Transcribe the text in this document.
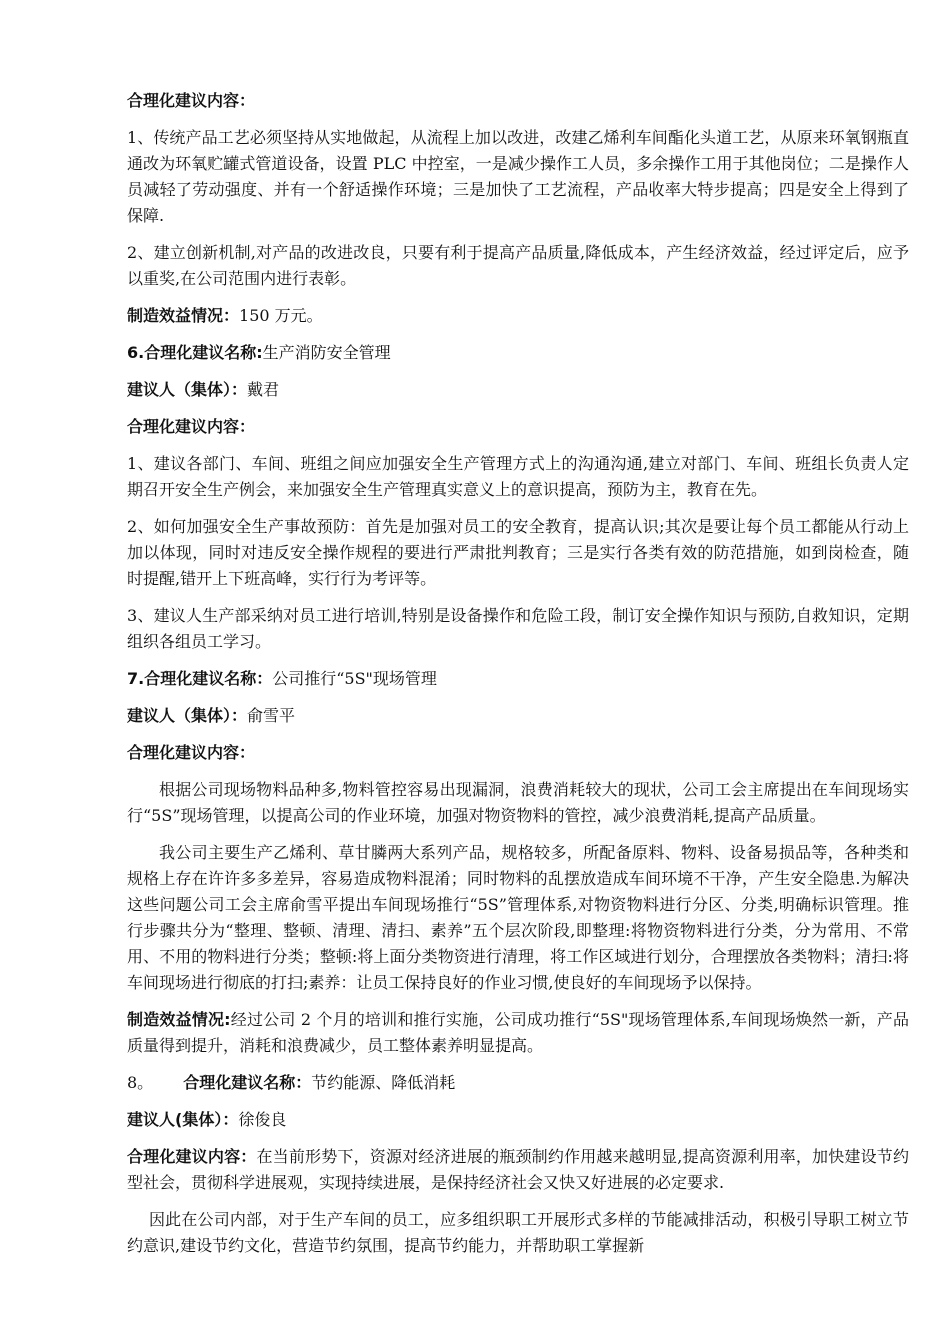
合理化建议内容：

1、传统产品工艺必须坚持从实地做起，从流程上加以改进，改建乙烯利车间酯化头道工艺，从原来环氧钢瓶直通改为环氧贮罐式管道设备，设置 PLC 中控室，一是减少操作工人员，多余操作工用于其他岗位；二是操作人员减轻了劳动强度、并有一个舒适操作环境；三是加快了工艺流程，产品收率大特步提高；四是安全上得到了保障.

2、建立创新机制,对产品的改进改良，只要有利于提高产品质量,降低成本，产生经济效益，经过评定后，应予以重奖,在公司范围内进行表彰。

制造效益情况：150 万元。

6.合理化建议名称:生产消防安全管理

建议人（集体）：戴君

合理化建议内容：

1、建议各部门、车间、班组之间应加强安全生产管理方式上的沟通沟通,建立对部门、车间、班组长负责人定期召开安全生产例会，来加强安全生产管理真实意义上的意识提高，预防为主，教育在先。

2、如何加强安全生产事故预防：首先是加强对员工的安全教育，提高认识;其次是要让每个员工都能从行动上加以体现，同时对违反安全操作规程的要进行严肃批判教育；三是实行各类有效的防范措施，如到岗检查，随时提醒,错开上下班高峰，实行行为考评等。

3、建议人生产部采纳对员工进行培训,特别是设备操作和危险工段，制订安全操作知识与预防,自救知识，定期组织各组员工学习。

7.合理化建议名称：公司推行“5S"现场管理

建议人（集体）：俞雪平

合理化建议内容：

根据公司现场物料品种多,物料管控容易出现漏洞，浪费消耗较大的现状，公司工会主席提出在车间现场实行“5S”现场管理，以提高公司的作业环境，加强对物资物料的管控，减少浪费消耗,提高产品质量。

我公司主要生产乙烯利、草甘膦两大系列产品，规格较多，所配备原料、物料、设备易损品等，各种类和规格上存在许许多多差异，容易造成物料混淆；同时物料的乱摆放造成车间环境不干净，产生安全隐患.为解决这些问题公司工会主席俞雪平提出车间现场推行“5S”管理体系,对物资物料进行分区、分类,明确标识管理。推行步骤共分为“整理、整顿、清理、清扫、素养”五个层次阶段,即整理:将物资物料进行分类，分为常用、不常用、不用的物料进行分类；整顿:将上面分类物资进行清理，将工作区域进行划分，合理摆放各类物料；清扫:将车间现场进行彻底的打扫;素养：让员工保持良好的作业习惯,使良好的车间现场予以保持。

制造效益情况:经过公司 2 个月的培训和推行实施，公司成功推行“5S"现场管理体系,车间现场焕然一新，产品质量得到提升，消耗和浪费减少，员工整体素养明显提高。

8。 合理化建议名称：节约能源、降低消耗

建议人(集体）：徐俊良

合理化建议内容：在当前形势下，资源对经济进展的瓶颈制约作用越来越明显,提高资源利用率，加快建设节约型社会，贯彻科学进展观，实现持续进展，是保持经济社会又快又好进展的必定要求.

因此在公司内部，对于生产车间的员工，应多组织职工开展形式多样的节能减排活动，积极引导职工树立节约意识,建设节约文化，营造节约氛围，提高节约能力，并帮助职工掌握新
